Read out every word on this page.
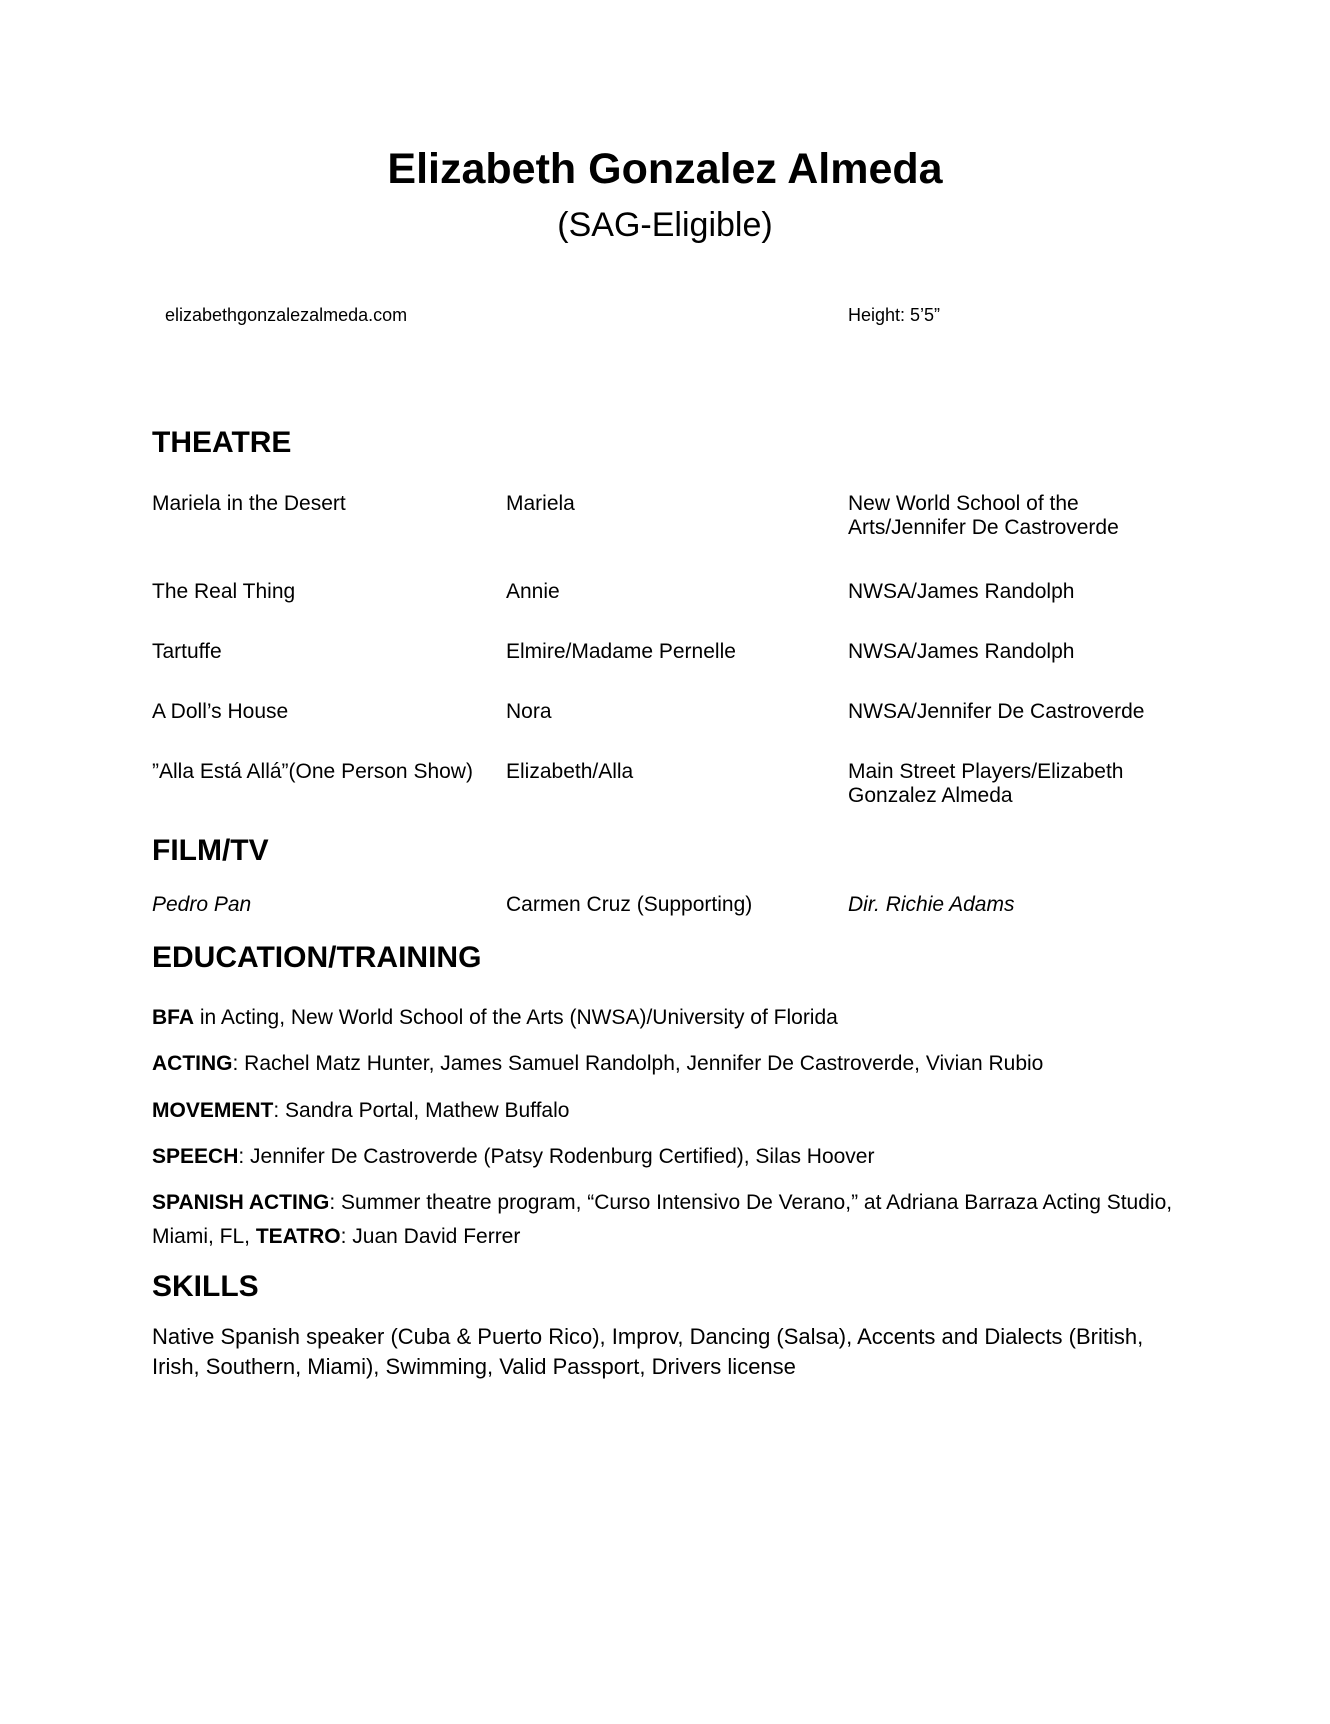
Elizabeth Gonzalez Almeda
(SAG-Eligible)
elizabethgonzalezalmeda.com	Height: 5’5”
THEATRE
Mariela in the Desert	Mariela	New World School of the Arts/Jennifer De Castroverde
The Real Thing	Annie	NWSA/James Randolph
Tartuffe	Elmire/Madame Pernelle	NWSA/James Randolph
A Doll’s House	Nora	NWSA/Jennifer De Castroverde
”Alla Está Allá”(One Person Show)	Elizabeth/Alla	Main Street Players/Elizabeth Gonzalez Almeda
FILM/TV
Pedro Pan	Carmen Cruz (Supporting)	Dir. Richie Adams
EDUCATION/TRAINING
BFA in Acting, New World School of the Arts (NWSA)/University of Florida
ACTING: Rachel Matz Hunter, James Samuel Randolph, Jennifer De Castroverde, Vivian Rubio
MOVEMENT: Sandra Portal, Mathew Buffalo
SPEECH: Jennifer De Castroverde (Patsy Rodenburg Certified), Silas Hoover
SPANISH ACTING: Summer theatre program, “Curso Intensivo De Verano,” at Adriana Barraza Acting Studio, Miami, FL, TEATRO: Juan David Ferrer
SKILLS
Native Spanish speaker (Cuba & Puerto Rico), Improv, Dancing (Salsa), Accents and Dialects (British, Irish, Southern, Miami), Swimming, Valid Passport, Drivers license
